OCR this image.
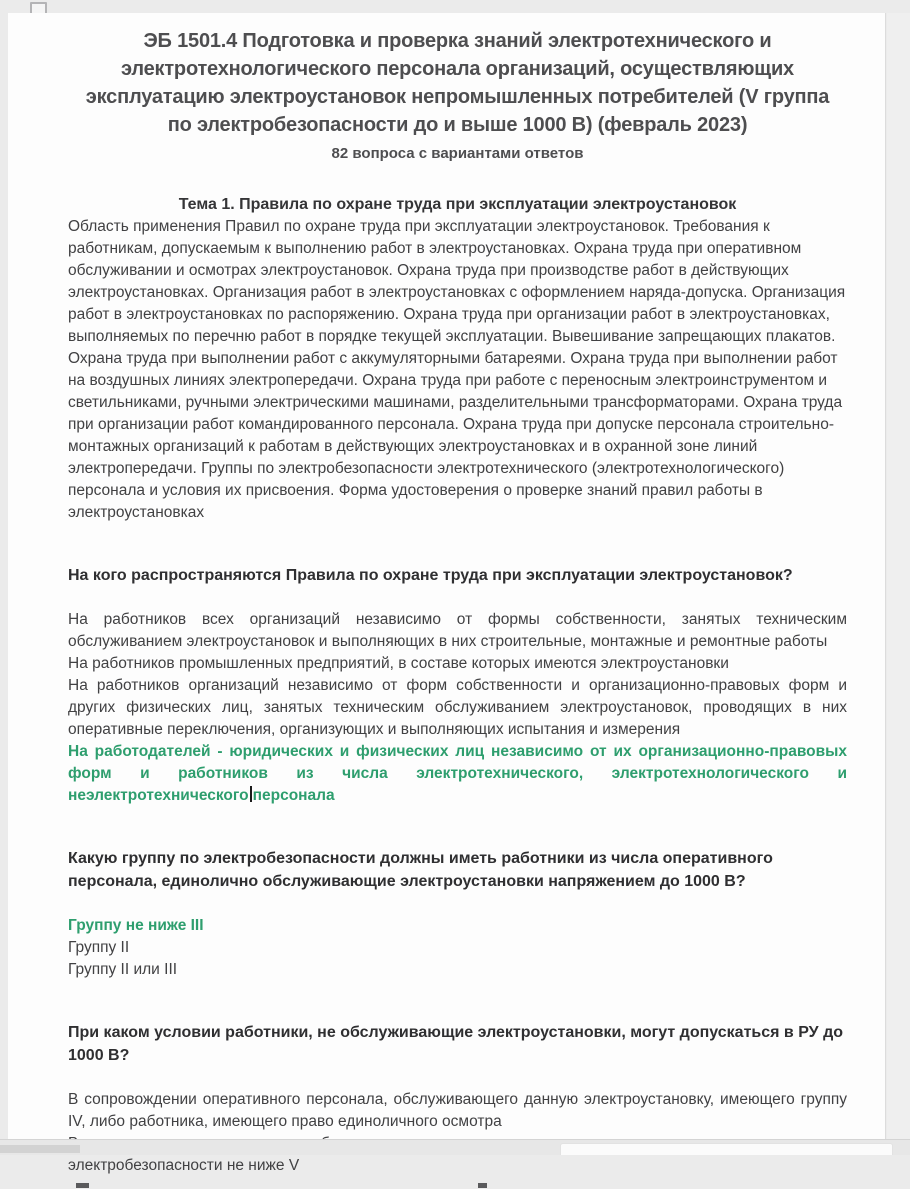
ЭБ 1501.4 Подготовка и проверка знаний электротехнического и электротехнологического персонала организаций, осуществляющих эксплуатацию электроустановок непромышленных потребителей (V группа по электробезопасности до и выше 1000 В) (февраль 2023)
82 вопроса с вариантами ответов
Тема 1. Правила по охране труда при эксплуатации электроустановок

Область применения Правил по охране труда при эксплуатации электроустановок. Требования к работникам, допускаемым к выполнению работ в электроустановках. Охрана труда при оперативном обслуживании и осмотрах электроустановок. Охрана труда при производстве работ в действующих электроустановках. Организация работ в электроустановках с оформлением наряда-допуска. Организация работ в электроустановках по распоряжению. Охрана труда при организации работ в электроустановках, выполняемых по перечню работ в порядке текущей эксплуатации. Вывешивание запрещающих плакатов. Охрана труда при выполнении работ с аккумуляторными батареями. Охрана труда при выполнении работ на воздушных линиях электропередачи. Охрана труда при работе с переносным электроинструментом и светильниками, ручными электрическими машинами, разделительными трансформаторами. Охрана труда при организации работ командированного персонала. Охрана труда при допуске персонала строительно-монтажных организаций к работам в действующих электроустановках и в охранной зоне линий электропередачи. Группы по электробезопасности электротехнического (электротехнологического) персонала и условия их присвоения. Форма удостоверения о проверке знаний правил работы в электроустановках

На кого распространяются Правила по охране труда при эксплуатации электроустановок?

На работников всех организаций независимо от формы собственности, занятых техническим обслуживанием электроустановок и выполняющих в них строительные, монтажные и ремонтные работы

На работников промышленных предприятий, в составе которых имеются электроустановки

На работников организаций независимо от форм собственности и организационно-правовых форм и других физических лиц, занятых техническим обслуживанием электроустановок, проводящих в них оперативные переключения, организующих и выполняющих испытания и измерения

На работодателей - юридических и физических лиц независимо от их организационно-правовых форм и работников из числа электротехнического, электротехнологического и неэлектротехнического персонала

Какую группу по электробезопасности должны иметь работники из числа оперативного персонала, единолично обслуживающие электроустановки напряжением до 1000 В?

Группу не ниже III

Группу II

Группу II или III

При каком условии работники, не обслуживающие электроустановки, могут допускаться в РУ до 1000 В?

В сопровождении оперативного персонала, обслуживающего данную электроустановку, имеющего группу IV, либо работника, имеющего право единоличного осмотра

электробезопасности не ниже V
